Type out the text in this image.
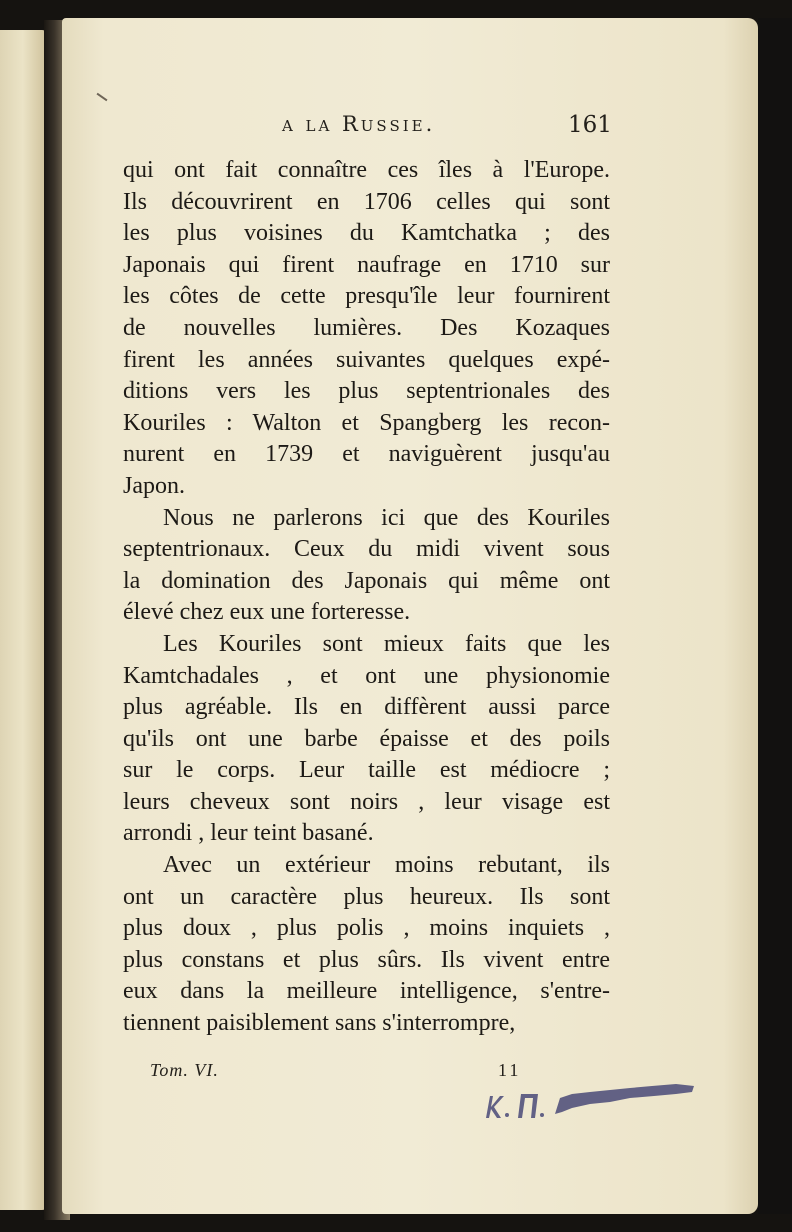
a la Russie.	161
qui ont fait connaître ces îles à l'Europe.
Ils découvrirent en 1706 celles qui sont
les plus voisines du Kamtchatka ; des
Japonais qui firent naufrage en 1710 sur
les côtes de cette presqu'île leur fournirent
de nouvelles lumières. Des Kozaques
firent les années suivantes quelques expé-
ditions vers les plus septentrionales des
Kouriles : Walton et Spangberg les recon-
nurent en 1739 et naviguèrent jusqu'au
Japon.
Nous ne parlerons ici que des Kouriles
septentrionaux. Ceux du midi vivent sous
la domination des Japonais qui même ont
élevé chez eux une forteresse.
Les Kouriles sont mieux faits que les
Kamtchadales , et ont une physionomie
plus agréable. Ils en diffèrent aussi parce
qu'ils ont une barbe épaisse et des poils
sur le corps. Leur taille est médiocre ;
leurs cheveux sont noirs , leur visage est
arrondi , leur teint basané.
Avec un extérieur moins rebutant, ils
ont un caractère plus heureux. Ils sont
plus doux , plus polis , moins inquiets ,
plus constans et plus sûrs. Ils vivent entre
eux dans la meilleure intelligence, s'entre-
tiennent paisiblement sans s'interrompre,
Tom. VI.	11
